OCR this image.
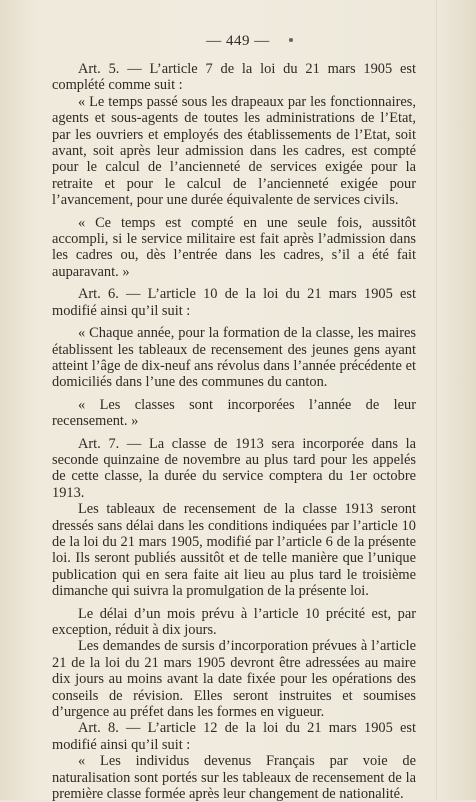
— 449 —

Art. 5. — L’article 7 de la loi du 21 mars 1905 est complété comme suit :

« Le temps passé sous les drapeaux par les fonctionnaires, agents et sous-agents de toutes les administrations de l’Etat, par les ouvriers et employés des établissements de l’Etat, soit avant, soit après leur admission dans les cadres, est compté pour le calcul de l’ancienneté de services exigée pour la retraite et pour le calcul de l’ancienneté exigée pour l’avancement, pour une durée équivalente de services civils.

« Ce temps est compté en une seule fois, aussitôt accompli, si le service militaire est fait après l’admission dans les cadres ou, dès l’entrée dans les cadres, s’il a été fait auparavant. »

Art. 6. — L’article 10 de la loi du 21 mars 1905 est modifié ainsi qu’il suit :

« Chaque année, pour la formation de la classe, les maires établissent les tableaux de recensement des jeunes gens ayant atteint l’âge de dix-neuf ans révolus dans l’année précédente et domiciliés dans l’une des communes du canton.

« Les classes sont incorporées l’année de leur recensement. »

Art. 7. — La classe de 1913 sera incorporée dans la seconde quinzaine de novembre au plus tard pour les appelés de cette classe, la durée du service comptera du 1er octobre 1913.

Les tableaux de recensement de la classe 1913 seront dressés sans délai dans les conditions indiquées par l’article 10 de la loi du 21 mars 1905, modifié par l’article 6 de la présente loi. Ils seront publiés aussitôt et de telle manière que l’unique publication qui en sera faite ait lieu au plus tard le troisième dimanche qui suivra la promulgation de la présente loi.

Le délai d’un mois prévu à l’article 10 précité est, par exception, réduit à dix jours.

Les demandes de sursis d’incorporation prévues à l’article 21 de la loi du 21 mars 1905 devront être adressées au maire dix jours au moins avant la date fixée pour les opérations des conseils de révision. Elles seront instruites et soumises d’urgence au préfet dans les formes en vigueur.

Art. 8. — L’article 12 de la loi du 21 mars 1905 est modifié ainsi qu’il suit :

« Les individus devenus Français par voie de naturalisation sont portés sur les tableaux de recensement de la première classe formée après leur changement de nationalité.
